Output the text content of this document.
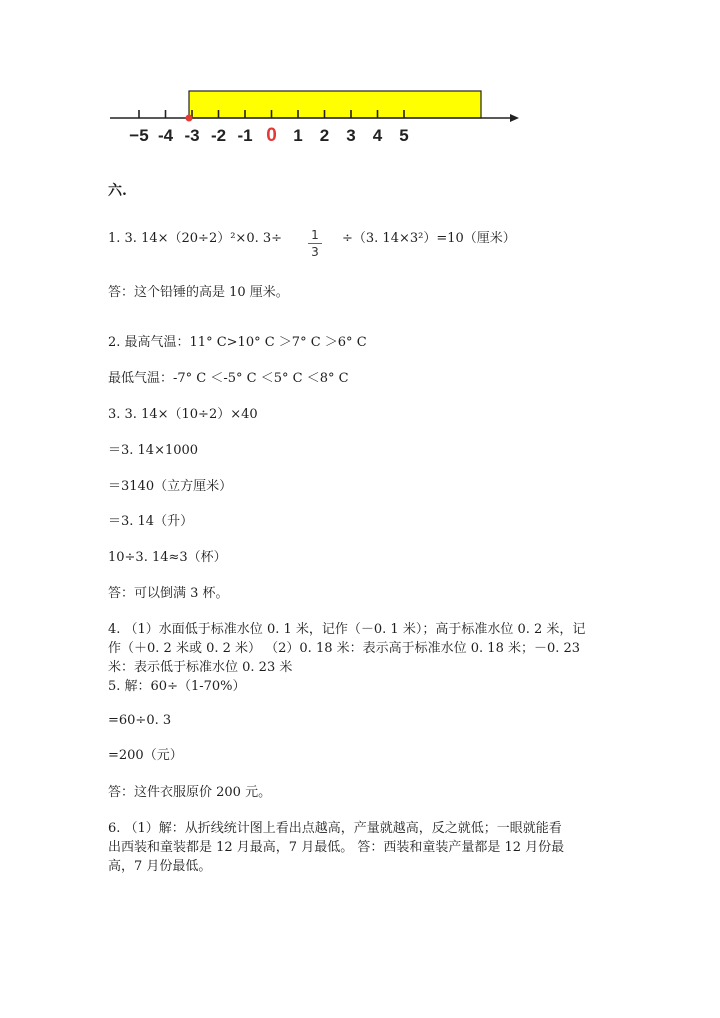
−5 -4 -3 -2 -1 0 1 2 3 4 5
六.
1. 3. 14×（20÷2）²×0. 3÷	1
3
÷（3. 14×3²）=10（厘米）
答：这个铅锤的高是 10 厘米。
2. 最高气温：11° C>10° C ＞7° C ＞6° C
最低气温：-7° C ＜-5° C ＜5° C ＜8° C
3. 3. 14×（10÷2）×40
＝3. 14×1000
＝3140（立方厘米）
＝3. 14（升）
10÷3. 14≈3（杯）
答：可以倒满 3 杯。
4. （1）水面低于标准水位 0. 1 米，记作（－0. 1 米）；高于标准水位 0. 2 米，记
作（＋0. 2 米或 0. 2 米） （2）0. 18 米：表示高于标准水位 0. 18 米；－0. 23
米：表示低于标准水位 0. 23 米
5. 解：60÷（1-70%）
=60÷0. 3
=200（元）
答：这件衣服原价 200 元。
6. （1）解：从折线统计图上看出点越高，产量就越高，反之就低；一眼就能看
出西装和童装都是 12 月最高，7 月最低。 答：西装和童装产量都是 12 月份最
高，7 月份最低。
